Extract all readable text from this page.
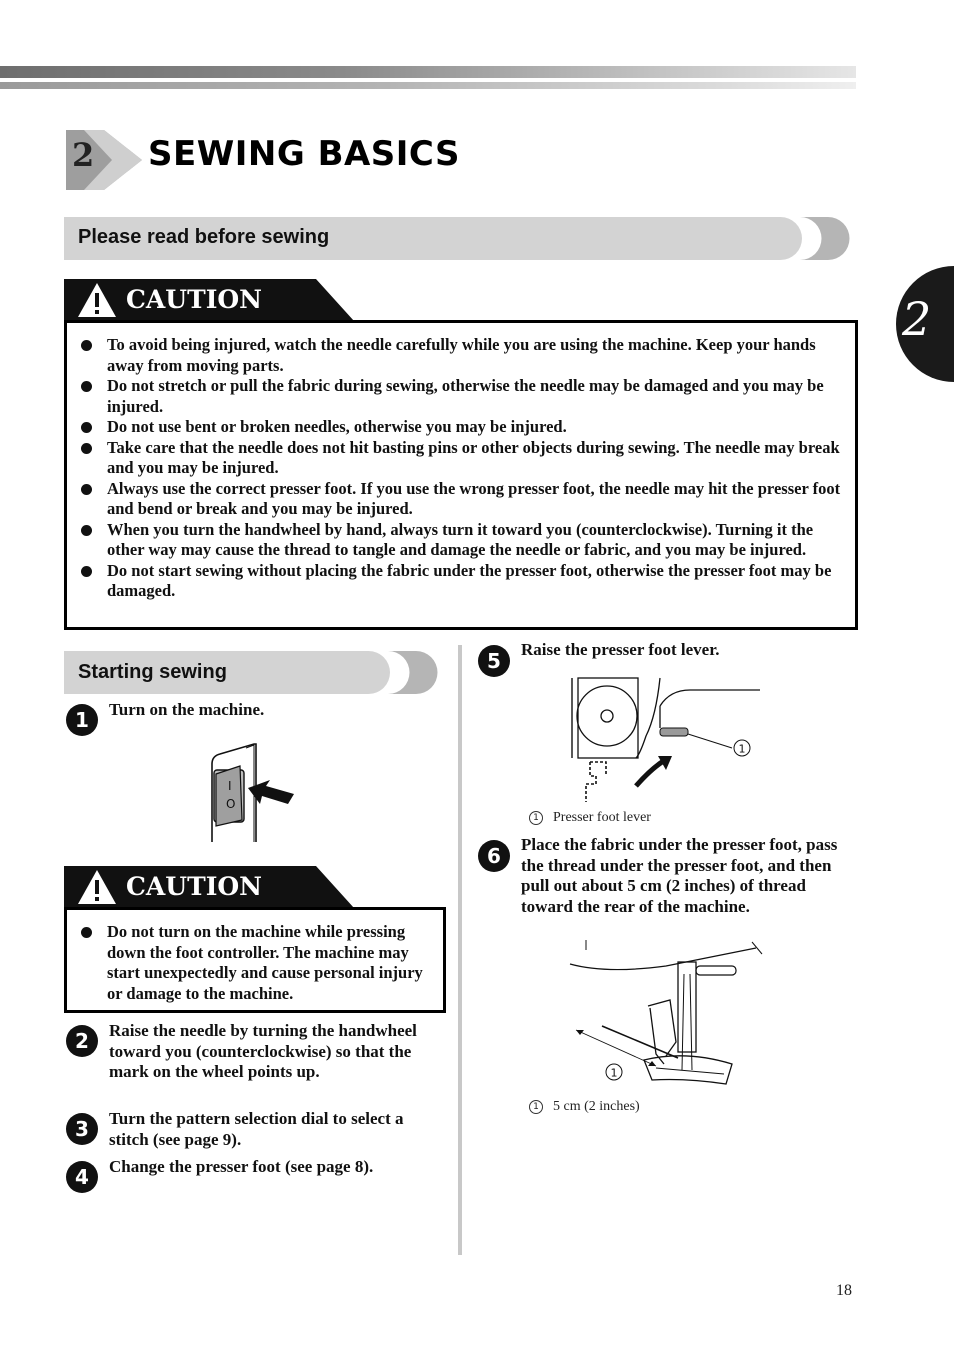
2 SEWING BASICS
2
Please read before sewing
CAUTION
To avoid being injured, watch the needle carefully while you are using the machine. Keep your hands away from moving parts.
Do not stretch or pull the fabric during sewing, otherwise the needle may be damaged and you may be injured.
Do not use bent or broken needles, otherwise you may be injured.
Take care that the needle does not hit basting pins or other objects during sewing. The needle may break and you may be injured.
Always use the correct presser foot. If you use the wrong presser foot, the needle may hit the presser foot and bend or break and you may be injured.
When you turn the handwheel by hand, always turn it toward you (counterclockwise). Turning it the other way may cause the thread to tangle and damage the needle or fabric, and you may be injured.
Do not start sewing without placing the fabric under the presser foot, otherwise the presser foot may be damaged.
Starting sewing
1	Turn on the machine.
I
O
CAUTION
Do not turn on the machine while pressing down the foot controller. The machine may start unexpectedly and cause personal injury or damage to the machine.
2	Raise the needle by turning the handwheel toward you (counterclockwise) so that the mark on the wheel points up.
3	Turn the pattern selection dial to select a stitch (see page 9).
4	Change the presser foot (see page 8).
5	Raise the presser foot lever.
1
1 Presser foot lever
6	Place the fabric under the presser foot, pass the thread under the presser foot, and then pull out about 5 cm (2 inches) of thread toward the rear of the machine.
1
1 5 cm (2 inches)
18
